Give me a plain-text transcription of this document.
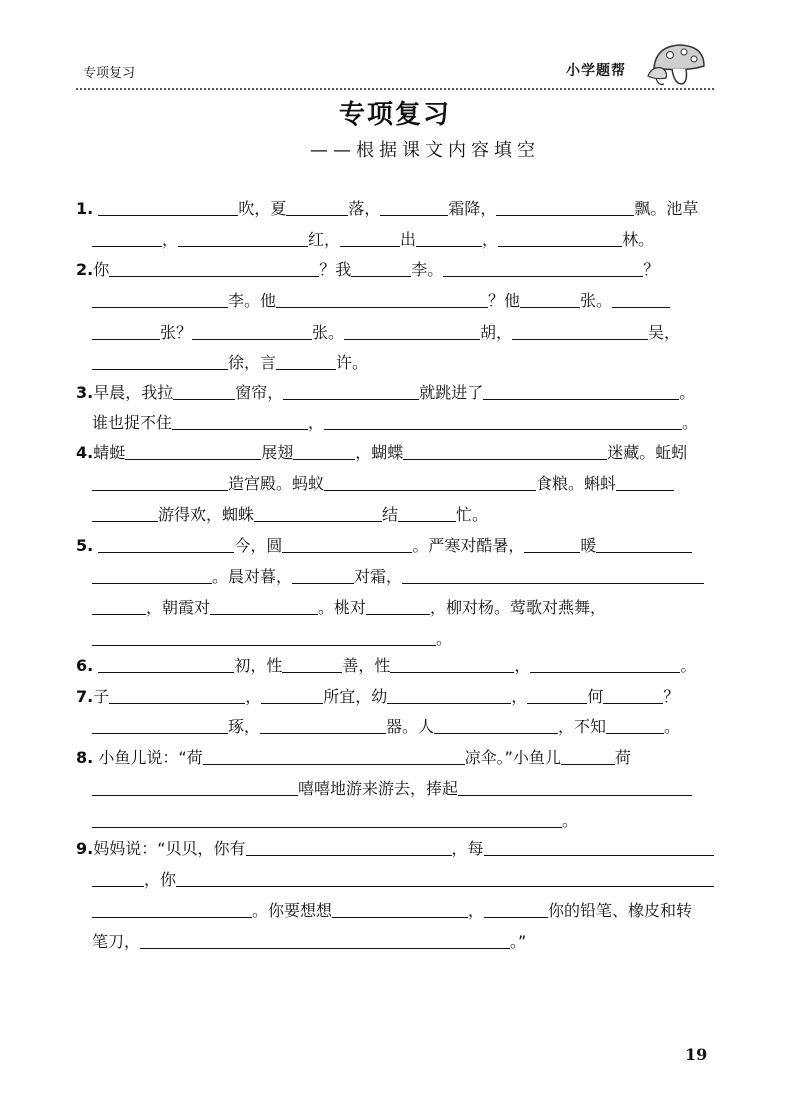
专项复习	小学题帮
专项复习
——根据课文内容填空
1.	吹，夏	落，	霜降，	飘。池草
，	红，	出	，	林。
2.你	？我	李。	？
李。他	？他	张。
张？	张。	胡，	吴，
徐，言	许。
3.早晨，我拉	窗帘，	就跳进了	。
谁也捉不住	，	。
4.蜻蜓	展翅	，蝴蝶	迷藏。蚯蚓
造宫殿。蚂蚁	食粮。蝌蚪
游得欢，蜘蛛	结	忙。
5.	今，圆	。严寒对酷暑，	暖
。晨对暮，	对霜，
，朝霞对	。桃对	，柳对杨。莺歌对燕舞，
。
6.	初，性	善，性	，	。
7.子	，	所宜，幼	，	何	？
琢，	器。人	，不知	。
8. 小鱼儿说：“荷	凉伞。”小鱼儿	荷
嘻嘻地游来游去，捧起
。
9.妈妈说：“贝贝，你有	，每
，你
。你要想想	，	你的铅笔、橡皮和转
笔刀，	。”
19
